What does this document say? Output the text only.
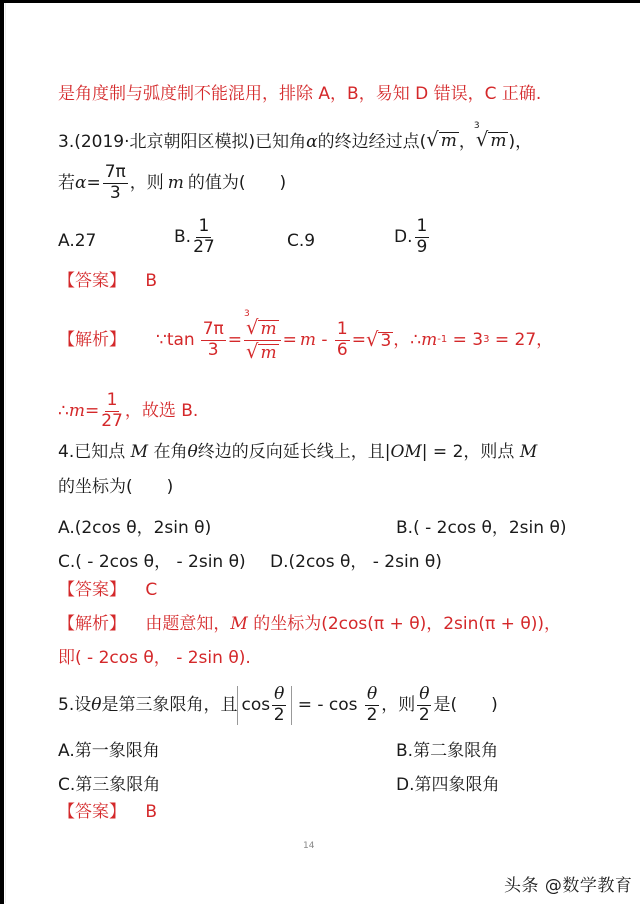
是角度制与弧度制不能混用，排除 A，B，易知 D 错误，C 正确.
3.(2019·北京朝阳区模拟)已知角 α 的终边经过点( √ m ，
3
√ m )，
若 $\alpha = \frac{7\pi}{3}$ ，则 m 的值为(　　)
A.27	B. $\frac{1}{27}$	C.9	D. $\frac{1}{9}$
【答案】 B
【解析】 ∵tan $\frac{7\pi}{3} = 3$
√ m
√ $m = m - \frac{1}{6}$ = √ 3 ，∴ m -1 = 3 3 = 27，
∴ $m = \frac{1}{27}$ ，故选 B.
4.已知点 M 在角θ终边的反向延长线上，且|OM| = 2，则点 M
的坐标为(　　)
A.(2cos θ，2sin θ)	B.( - 2cos θ，2sin θ)
C.( - 2cos θ， - 2sin θ) D.(2cos θ， - 2sin θ)
【答案】 C
【解析】 由题意知，M 的坐标为(2cos(π + θ)，2sin(π + θ))，
即( - 2cos θ， - 2sin θ).
5.设 θ 是第三象限角，且 $\cos \frac{\theta}{2}$ = - $\cos \frac{\theta}{2}$ ，则 $\frac{\theta}{2}$ 是(　　)
A.第一象限角	B.第二象限角
C.第三象限角	D.第四象限角
【答案】 B
14
头条 @数学教育
